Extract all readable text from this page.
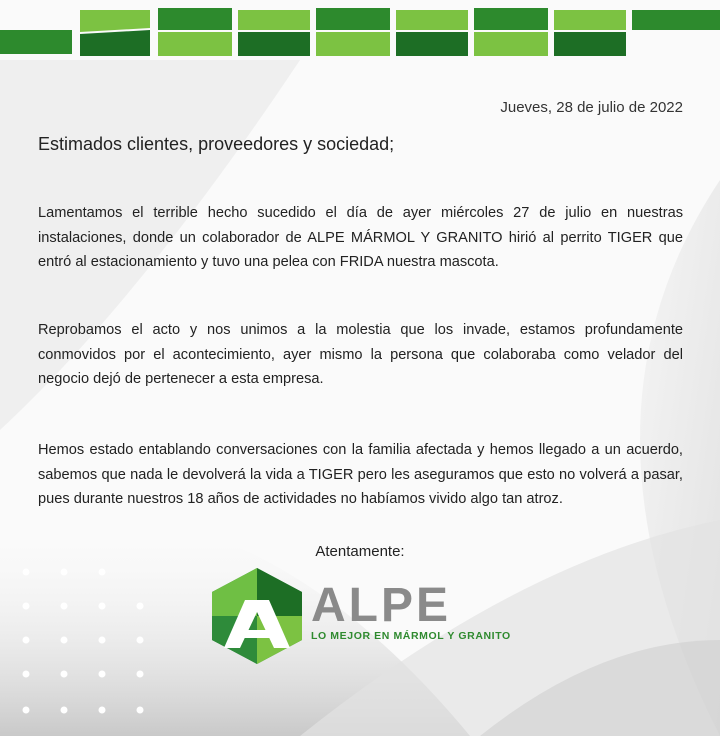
Jueves, 28 de julio de 2022
Estimados clientes, proveedores y sociedad;

Lamentamos el terrible hecho sucedido el día de ayer miércoles 27 de julio en nuestras instalaciones, donde un colaborador de ALPE MÁRMOL Y GRANITO hirió al perrito TIGER que entró al estacionamiento y tuvo una pelea con FRIDA nuestra mascota.

Reprobamos el acto y nos unimos a la molestia que los invade, estamos profundamente conmovidos por el acontecimiento, ayer mismo la persona que colaboraba como velador del negocio dejó de pertenecer a esta empresa.

Hemos estado entablando conversaciones con la familia afectada y hemos llegado a un acuerdo, sabemos que nada le devolverá la vida a TIGER pero les aseguramos que esto no volverá a pasar, pues durante nuestros 18 años de actividades no habíamos vivido algo tan atroz.

Atentamente:
ALPE
LO MEJOR EN MÁRMOL Y GRANITO
